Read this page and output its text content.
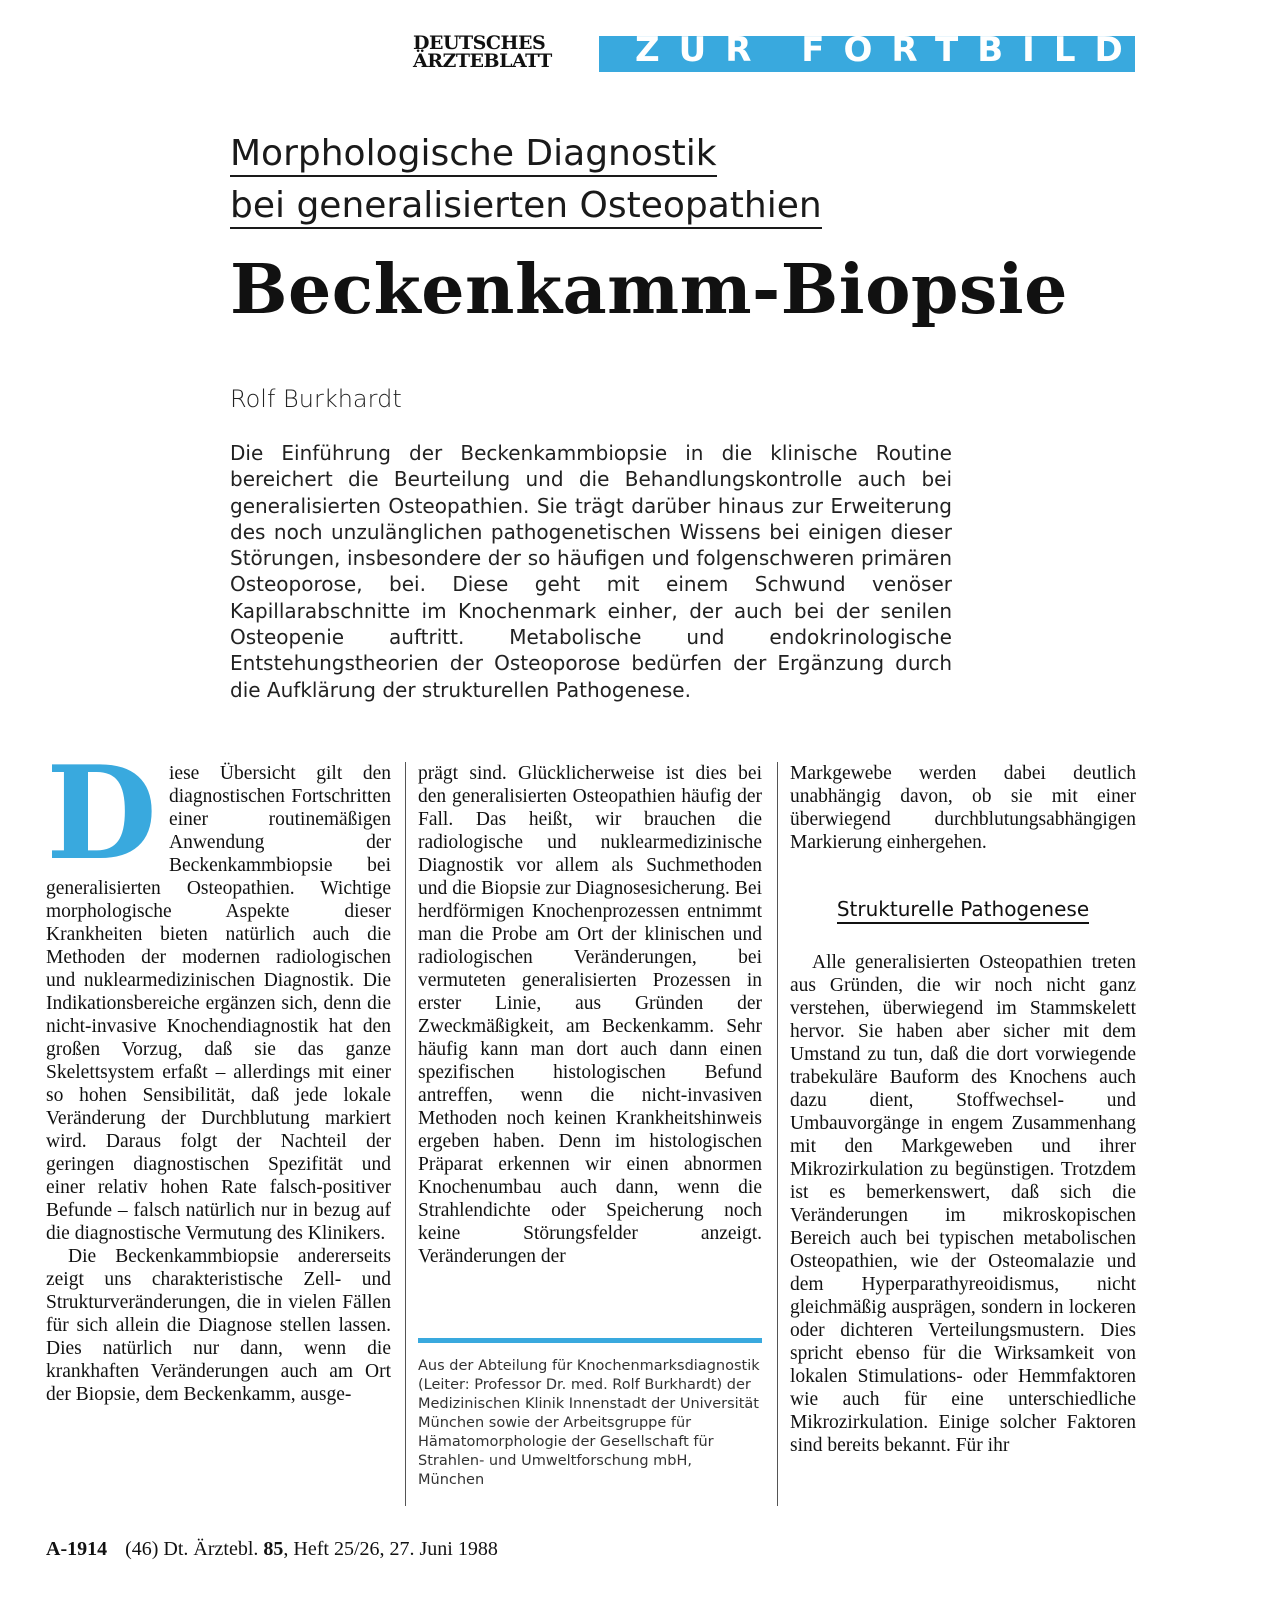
DEUTSCHES
ÄRZTEBLATT	ZUR FORTBILDUNG
Morphologische Diagnostik
bei generalisierten Osteopathien
Beckenkamm-Biopsie
Rolf Burkhardt

Die Einführung der Beckenkammbiopsie in die klinische Routine bereichert die Beurteilung und die Behandlungskontrolle auch bei generalisierten Osteopathien. Sie trägt darüber hinaus zur Erweiterung des noch unzulänglichen pathogenetischen Wissens bei einigen dieser Störungen, insbesondere der so häufigen und folgenschweren primären Osteoporose, bei. Diese geht mit einem Schwund venöser Kapillarabschnitte im Knochenmark einher, der auch bei der senilen Osteopenie auftritt. Metabolische und endokrinologische Entstehungstheorien der Osteoporose bedürfen der Ergänzung durch die Aufklärung der strukturellen Pathogenese.

D iese Übersicht gilt den diagnostischen Fortschritten einer routinemäßigen Anwendung der Beckenkammbiopsie bei generalisierten Osteopathien. Wichtige morphologische Aspekte dieser Krankheiten bieten natürlich auch die Methoden der modernen radiologischen und nuklearmedizinischen Diagnostik. Die Indikationsbereiche ergänzen sich, denn die nicht-invasive Knochendiagnostik hat den großen Vorzug, daß sie das ganze Skelettsystem erfaßt – allerdings mit einer so hohen Sensibilität, daß jede lokale Veränderung der Durchblutung markiert wird. Daraus folgt der Nachteil der geringen diagnostischen Spezifität und einer relativ hohen Rate falsch-positiver Befunde – falsch natürlich nur in bezug auf die diagnostische Vermutung des Klinikers.

Die Beckenkammbiopsie andererseits zeigt uns charakteristische Zell- und Strukturveränderungen, die in vielen Fällen für sich allein die Diagnose stellen lassen. Dies natürlich nur dann, wenn die krankhaften Veränderungen auch am Ort der Biopsie, dem Beckenkamm, ausge-

prägt sind. Glücklicherweise ist dies bei den generalisierten Osteopathien häufig der Fall. Das heißt, wir brauchen die radiologische und nuklearmedizinische Diagnostik vor allem als Suchmethoden und die Biopsie zur Diagnosesicherung. Bei herdförmigen Knochenprozessen entnimmt man die Probe am Ort der klinischen und radiologischen Veränderungen, bei vermuteten generalisierten Prozessen in erster Linie, aus Gründen der Zweckmäßigkeit, am Beckenkamm. Sehr häufig kann man dort auch dann einen spezifischen histologischen Befund antreffen, wenn die nicht-invasiven Methoden noch keinen Krankheitshinweis ergeben haben. Denn im histologischen Präparat erkennen wir einen abnormen Knochenumbau auch dann, wenn die Strahlendichte oder Speicherung noch keine Störungsfelder anzeigt. Veränderungen der

Aus der Abteilung für Knochenmarksdiagnostik (Leiter: Professor Dr. med. Rolf Burkhardt) der Medizinischen Klinik Innenstadt der Universität München sowie der Arbeitsgruppe für Hämatomorphologie der Gesellschaft für Strahlen- und Umweltforschung mbH, München

Markgewebe werden dabei deutlich unabhängig davon, ob sie mit einer überwiegend durchblutungsabhängigen Markierung einhergehen.

Strukturelle Pathogenese

Alle generalisierten Osteopathien treten aus Gründen, die wir noch nicht ganz verstehen, überwiegend im Stammskelett hervor. Sie haben aber sicher mit dem Umstand zu tun, daß die dort vorwiegende trabekuläre Bauform des Knochens auch dazu dient, Stoffwechsel- und Umbauvorgänge in engem Zusammenhang mit den Markgeweben und ihrer Mikrozirkulation zu begünstigen. Trotzdem ist es bemerkenswert, daß sich die Veränderungen im mikroskopischen Bereich auch bei typischen metabolischen Osteopathien, wie der Osteomalazie und dem Hyperparathyreoidismus, nicht gleichmäßig ausprägen, sondern in lockeren oder dichteren Verteilungsmustern. Dies spricht ebenso für die Wirksamkeit von lokalen Stimulations- oder Hemmfaktoren wie auch für eine unterschiedliche Mikrozirkulation. Einige solcher Faktoren sind bereits bekannt. Für ihr

A-1914 (46) Dt. Ärztebl. 85, Heft 25/26, 27. Juni 1988
